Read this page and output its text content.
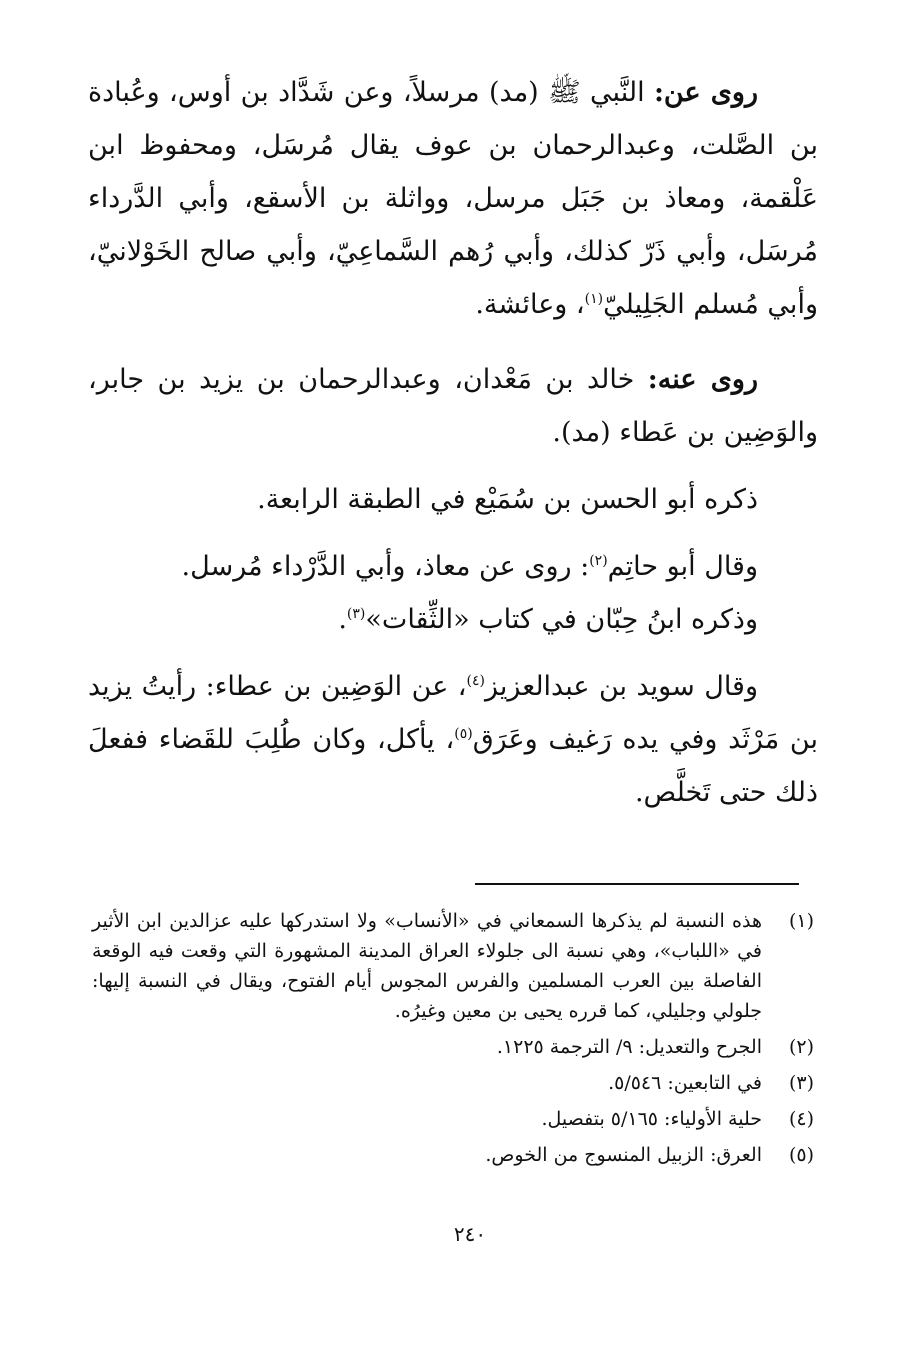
روى عن: النَّبي ﷺ (مد) مرسلاً، وعن شَدَّاد بن أوس، وعُبادة بن الصَّلت، وعبدالرحمان بن عوف يقال مُرسَل، ومحفوظ ابن عَلْقمة، ومعاذ بن جَبَل مرسل، وواثلة بن الأسقع، وأبي الدَّرداء مُرسَل، وأبي ذَرّ كذلك، وأبي رُهم السَّماعِيّ، وأبي صالح الخَوْلانيّ، وأبي مُسلم الجَلِيليّ$^{(١)}$، وعائشة.

روى عنه: خالد بن مَعْدان، وعبدالرحمان بن يزيد بن جابر، والوَضِين بن عَطاء (مد).

ذكره أبو الحسن بن سُمَيْع في الطبقة الرابعة.

وقال أبو حاتِم$^{(٢)}$: روى عن معاذ، وأبي الدَّرْداء مُرسل.

وذكره ابنُ حِبّان في كتاب «الثِّقات»$^{(٣)}$.

وقال سويد بن عبدالعزيز$^{(٤)}$، عن الوَضِين بن عطاء: رأيتُ يزيد بن مَرْثَد وفي يده رَغيف وعَرَق$^{(٥)}$، يأكل، وكان طُلِبَ للقَضاء ففعلَ ذلك حتى تَخلَّص.

(١)
هذه النسبة لم يذكرها السمعاني في «الأنساب» ولا استدركها عليه عزالدين ابن الأثير في «اللباب»، وهي نسبة الى جلولاء العراق المدينة المشهورة التي وقعت فيه الوقعة الفاصلة بين العرب المسلمين والفرس المجوس أيام الفتوح، ويقال في النسبة إليها: جلولي وجليلي، كما قرره يحيى بن معين وغيرُه.
(٢)
الجرح والتعديل: ٩/ الترجمة ١٢٢٥.
(٣)
في التابعين: ٥/٥٤٦.
(٤)
حلية الأولياء: ٥/١٦٥ بتفصيل.
(٥)
العرق: الزبيل المنسوج من الخوص.
٢٤٠
